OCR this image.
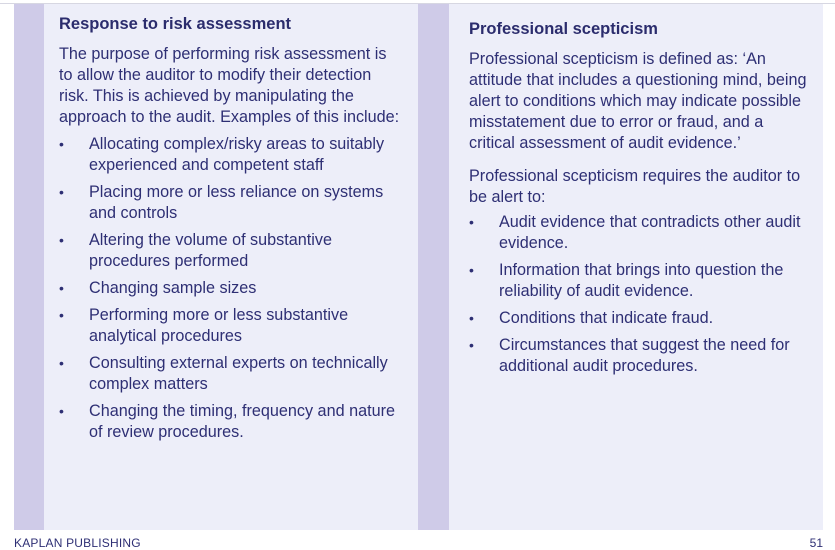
Response to risk assessment

The purpose of performing risk assessment is to allow the auditor to modify their detection risk. This is achieved by manipulating the approach to the audit. Examples of this include:

• Allocating complex/risky areas to suitably experienced and competent staff
• Placing more or less reliance on systems and controls
• Altering the volume of substantive procedures performed
• Changing sample sizes
• Performing more or less substantive analytical procedures
• Consulting external experts on technically complex matters
• Changing the timing, frequency and nature of review procedures.

Professional scepticism

Professional scepticism is defined as: ‘An attitude that includes a questioning mind, being alert to conditions which may indicate possible misstatement due to error or fraud, and a critical assessment of audit evidence.’

Professional scepticism requires the auditor to be alert to:

• Audit evidence that contradicts other audit evidence.
• Information that brings into question the reliability of audit evidence.
• Conditions that indicate fraud.
• Circumstances that suggest the need for additional audit procedures.
KAPLAN PUBLISHING	51
